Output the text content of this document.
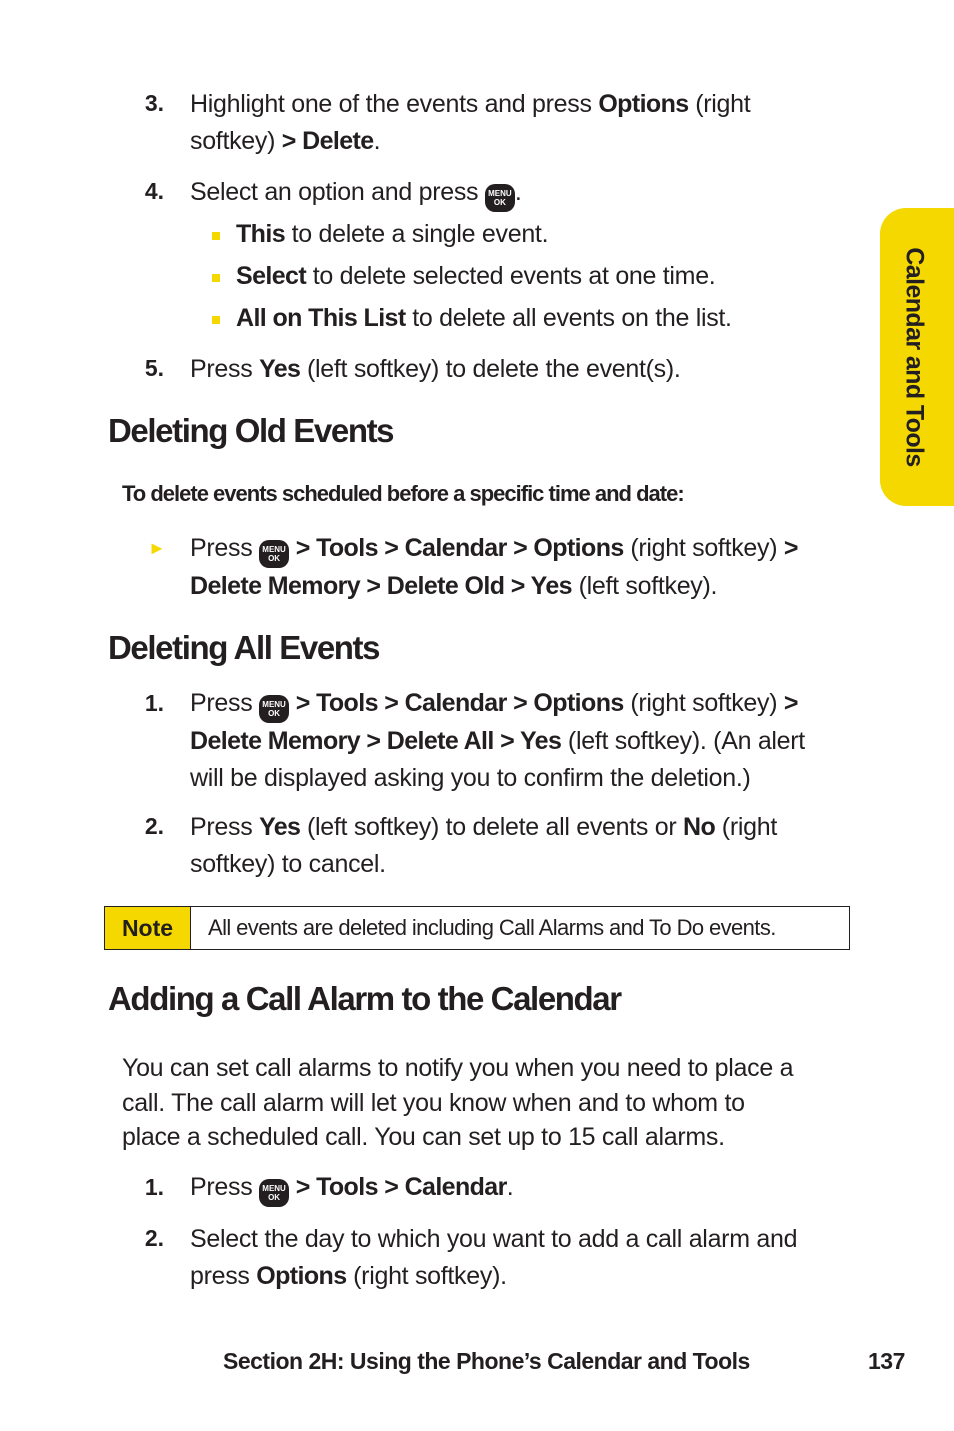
Calendar and Tools
3. Highlight one of the events and press Options (right
softkey) > Delete.
4. Select an option and press MENU
OK .
This to delete a single event.
Select to delete selected events at one time.
All on This List to delete all events on the list.
5. Press Yes (left softkey) to delete the event(s).
Deleting Old Events
To delete events scheduled before a specific time and date:
► Press MENU
OK > Tools > Calendar > Options (right softkey) >
Delete Memory > Delete Old > Yes (left softkey).
Deleting All Events
1. Press MENU
OK > Tools > Calendar > Options (right softkey) >
Delete Memory > Delete All > Yes (left softkey). (An alert
will be displayed asking you to confirm the deletion.)
2. Press Yes (left softkey) to delete all events or No (right
softkey) to cancel.
Note	All events are deleted including Call Alarms and To Do events.
Adding a Call Alarm to the Calendar
You can set call alarms to notify you when you need to place a
call. The call alarm will let you know when and to whom to
place a scheduled call. You can set up to 15 call alarms.
1. Press MENU
OK > Tools > Calendar.
2. Select the day to which you want to add a call alarm and
press Options (right softkey).
Section 2H: Using the Phone’s Calendar and Tools	137
